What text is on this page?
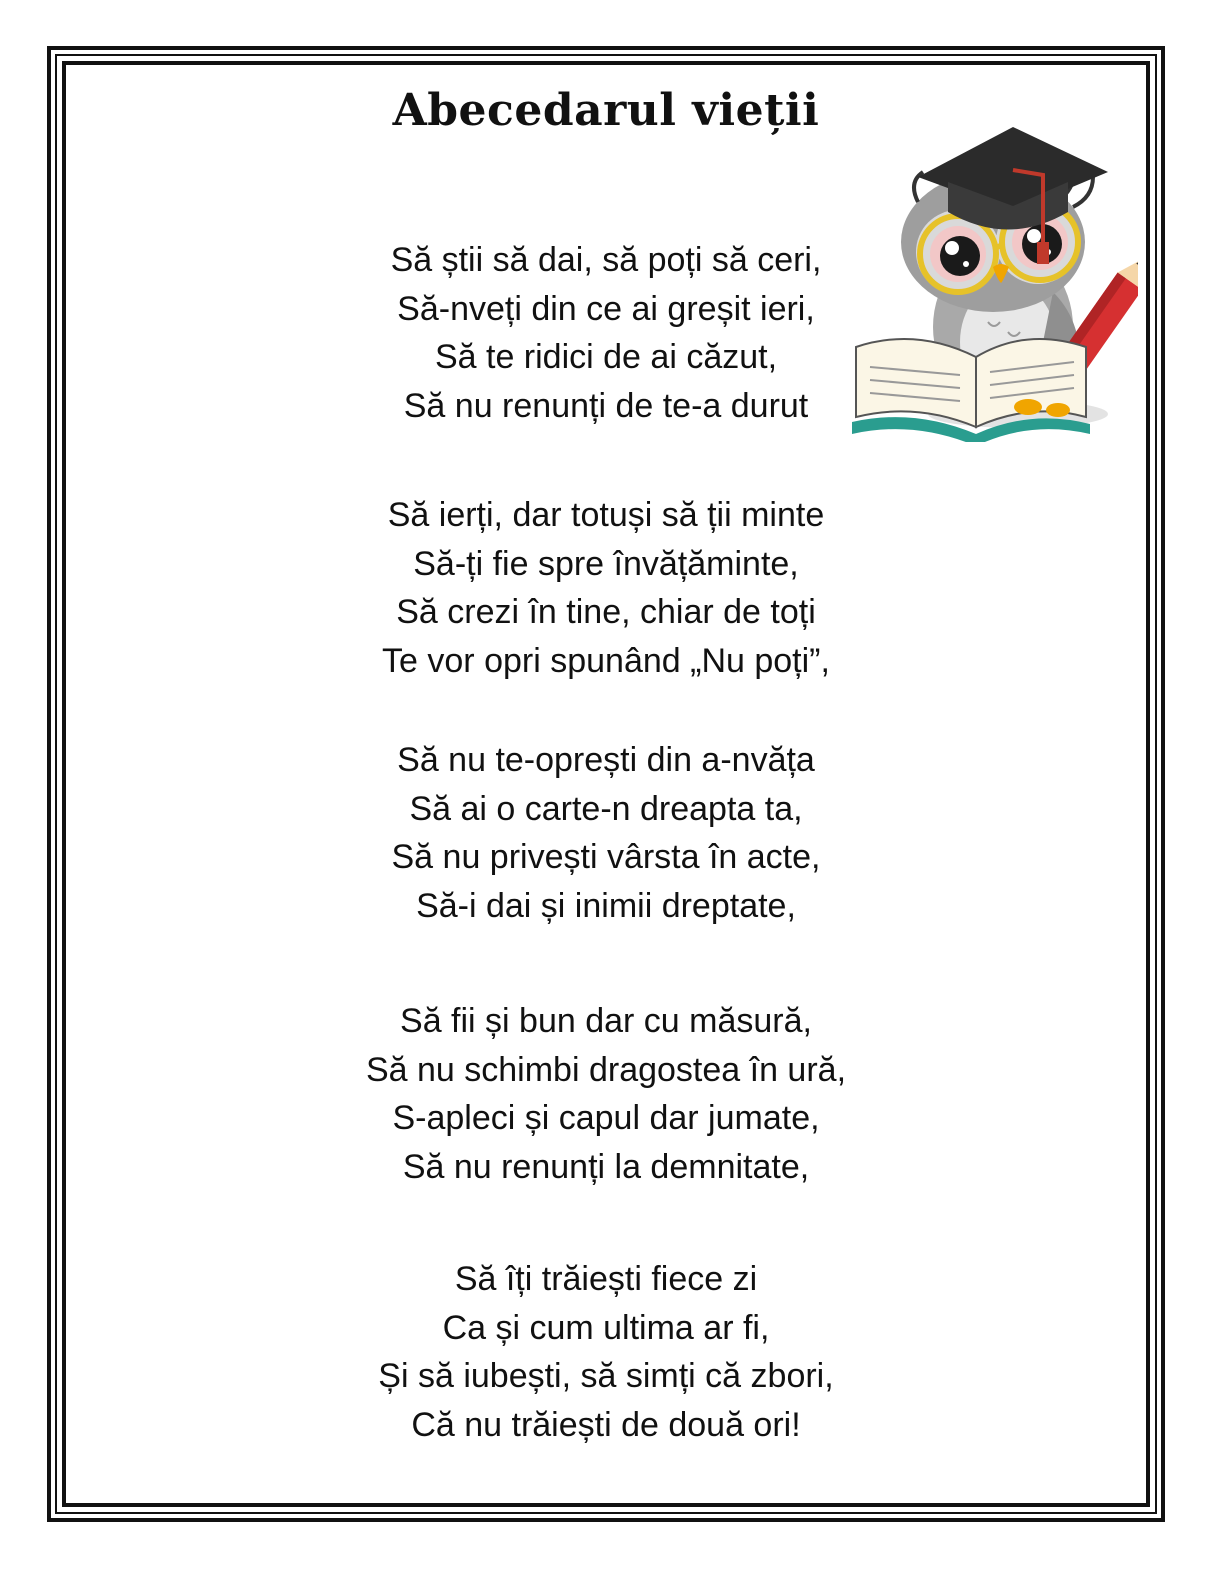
Abecedarul vieții
Să știi să dai, să poți să ceri,
Să-nveți din ce ai greșit ieri,
Să te ridici de ai căzut,
Să nu renunți de te-a durut
Să ierți, dar totuși să ții minte
Să-ți fie spre învățăminte,
Să crezi în tine, chiar de toți
Te vor opri spunând „Nu poți”,
Să nu te-oprești din a-nvăța
Să ai o carte-n dreapta ta,
Să nu privești vârsta în acte,
Să-i dai și inimii dreptate,
Să fii și bun dar cu măsură,
Să nu schimbi dragostea în ură,
S-apleci și capul dar jumate,
Să nu renunți la demnitate,
Să îți trăiești fiece zi
Ca și cum ultima ar fi,
Și să iubești, să simți că zbori,
Că nu trăiești de două ori!
